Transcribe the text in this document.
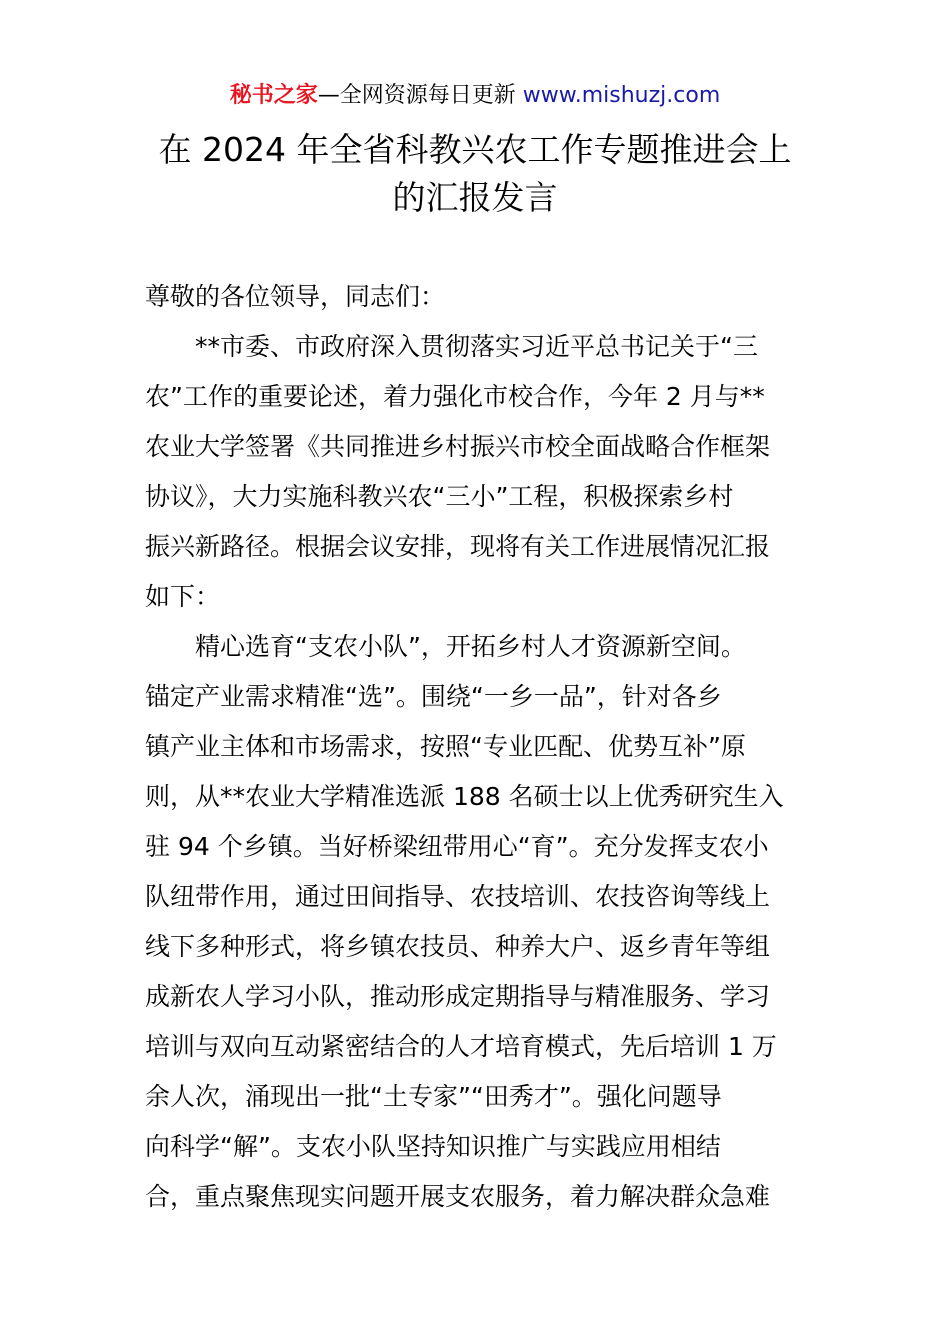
秘书之家—全网资源每日更新 www.mishuzj.com
在 2024 年全省科教兴农工作专题推进会上
的汇报发言
尊敬的各位领导，同志们：
**市委、市政府深入贯彻落实习近平总书记关于“三
农”工作的重要论述，着力强化市校合作，今年 2 月与**
农业大学签署《共同推进乡村振兴市校全面战略合作框架
协议》，大力实施科教兴农“三小”工程，积极探索乡村
振兴新路径。根据会议安排，现将有关工作进展情况汇报
如下：
精心选育“支农小队”，开拓乡村人才资源新空间。
锚定产业需求精准“选”。围绕“一乡一品”，针对各乡
镇产业主体和市场需求，按照“专业匹配、优势互补”原
则，从**农业大学精准选派 188 名硕士以上优秀研究生入
驻 94 个乡镇。当好桥梁纽带用心“育”。充分发挥支农小
队纽带作用，通过田间指导、农技培训、农技咨询等线上
线下多种形式，将乡镇农技员、种养大户、返乡青年等组
成新农人学习小队，推动形成定期指导与精准服务、学习
培训与双向互动紧密结合的人才培育模式，先后培训 1 万
余人次，涌现出一批“土专家”“田秀才”。强化问题导
向科学“解”。支农小队坚持知识推广与实践应用相结
合，重点聚焦现实问题开展支农服务，着力解决群众急难
